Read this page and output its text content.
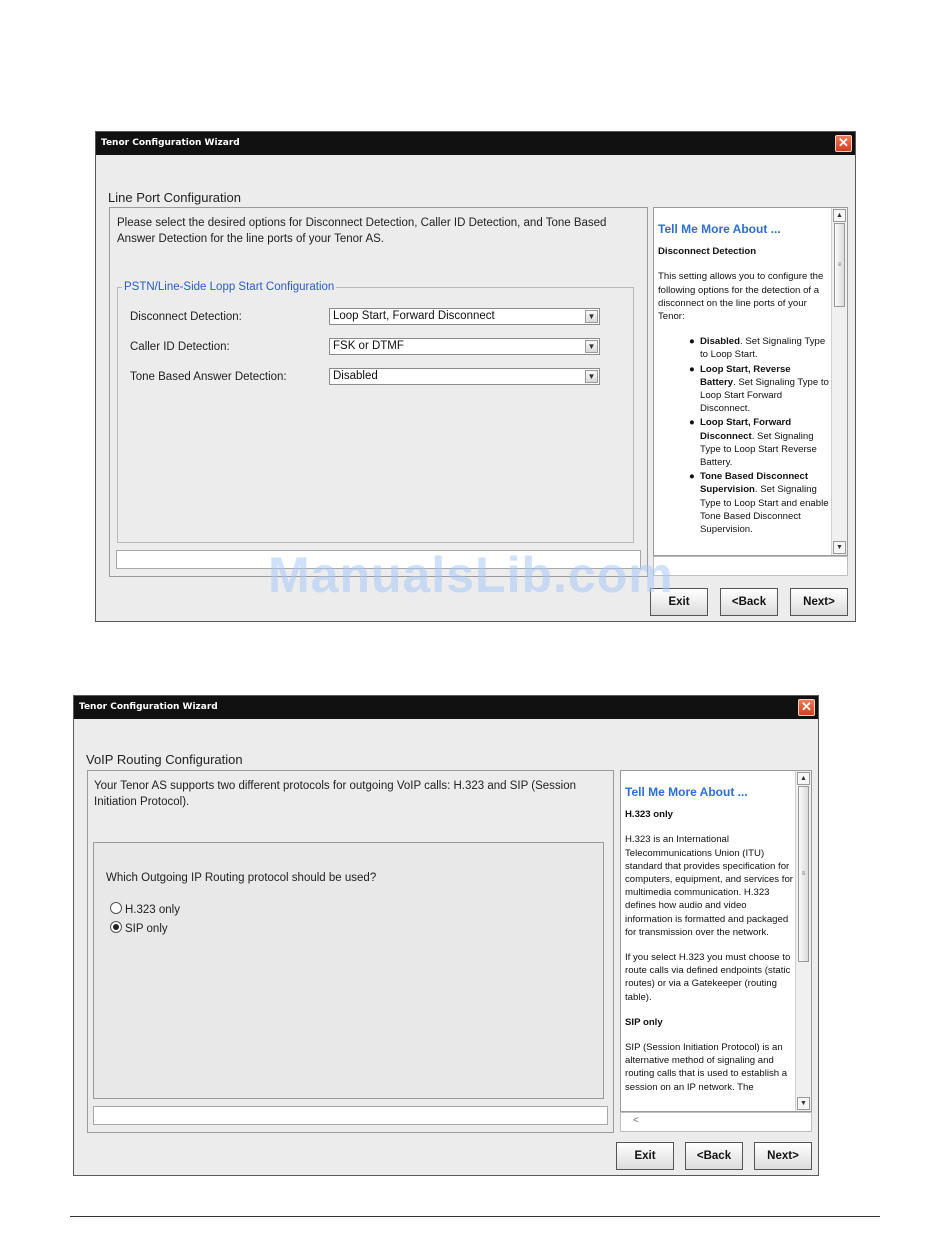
Tenor Configuration Wizard	✕
Line Port Configuration
Please select the desired options for Disconnect Detection, Caller ID Detection, and Tone Based Answer Detection for the line ports of your Tenor AS.
PSTN/Line-Side Lopp Start Configuration
Disconnect Detection:	Loop Start, Forward Disconnect	▼
Caller ID Detection:	FSK or DTMF	▼
Tone Based Answer Detection:	Disabled	▼
Tell Me More About ...
Disconnect Detection

This setting allows you to configure the following options for the detection of a disconnect on the line ports of your Tenor:

● Disabled. Set Signaling Type to Loop Start.
● Loop Start, Reverse Battery. Set Signaling Type to Loop Start Forward Disconnect.
● Loop Start, Forward Disconnect. Set Signaling Type to Loop Start Reverse Battery.
● Tone Based Disconnect Supervision. Set Signaling Type to Loop Start and enable Tone Based Disconnect Supervision.
▲
≡
▼
Exit	<Back	Next>
ManualsLib.com
Tenor Configuration Wizard	✕
VoIP Routing Configuration
Your Tenor AS supports two different protocols for outgoing VoIP calls: H.323 and SIP (Session Initiation Protocol).
Which Outgoing IP Routing protocol should be used?
H.323 only
SIP only
Tell Me More About ...
H.323 only

H.323 is an International Telecommunications Union (ITU) standard that provides specification for computers, equipment, and services for multimedia communication. H.323 defines how audio and video information is formatted and packaged for transmission over the network.

If you select H.323 you must choose to route calls via defined endpoints (static routes) or via a Gatekeeper (routing table).

SIP only

SIP (Session Initiation Protocol) is an alternative method of signaling and routing calls that is used to establish a session on an IP network. The

▲
≡
▼
<
Exit	<Back	Next>
